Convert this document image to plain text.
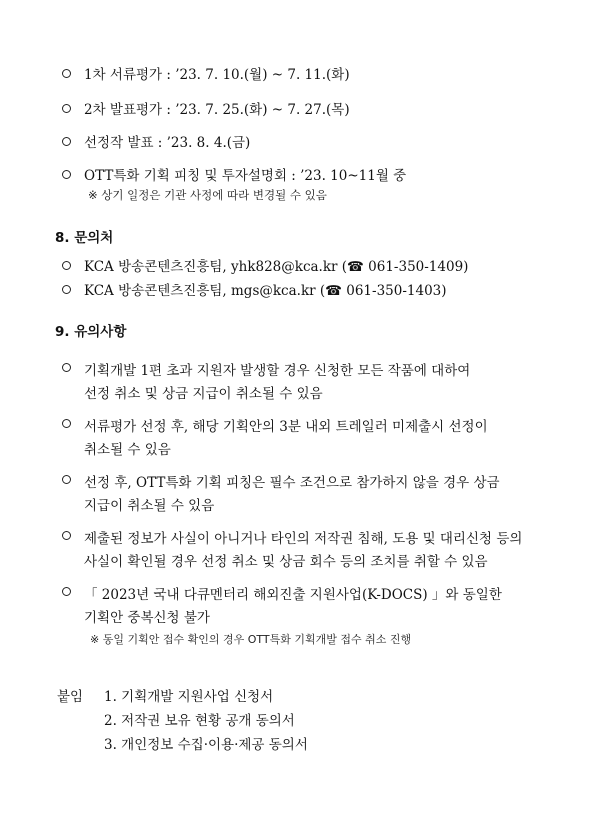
1차 서류평가 : ’23. 7. 10.(월) ~ 7. 11.(화)
2차 발표평가 : ’23. 7. 25.(화) ~ 7. 27.(목)
선정작 발표 : ’23. 8. 4.(금)
OTT특화 기획 피칭 및 투자설명회 : ’23. 10~11월 중
※ 상기 일정은 기관 사정에 따라 변경될 수 있음
8. 문의처
KCA 방송콘텐츠진흥팀, yhk828@kca.kr (☎ 061-350-1409)
KCA 방송콘텐츠진흥팀, mgs@kca.kr (☎ 061-350-1403)
9. 유의사항
기획개발 1편 초과 지원자 발생할 경우 신청한 모든 작품에 대하여
선정 취소 및 상금 지급이 취소될 수 있음
서류평가 선정 후, 해당 기획안의 3분 내외 트레일러 미제출시 선정이
취소될 수 있음
선정 후, OTT특화 기획 피칭은 필수 조건으로 참가하지 않을 경우 상금
지급이 취소될 수 있음
제출된 정보가 사실이 아니거나 타인의 저작권 침해, 도용 및 대리신청 등의
사실이 확인될 경우 선정 취소 및 상금 회수 등의 조치를 취할 수 있음
「 2023년 국내 다큐멘터리 해외진출 지원사업(K-DOCS) 」와 동일한
기획안 중복신청 불가
※ 동일 기획안 접수 확인의 경우 OTT특화 기획개발 접수 취소 진행
붙임 1. 기획개발 지원사업 신청서
2. 저작권 보유 현황 공개 동의서
3. 개인정보 수집·이용·제공 동의서
